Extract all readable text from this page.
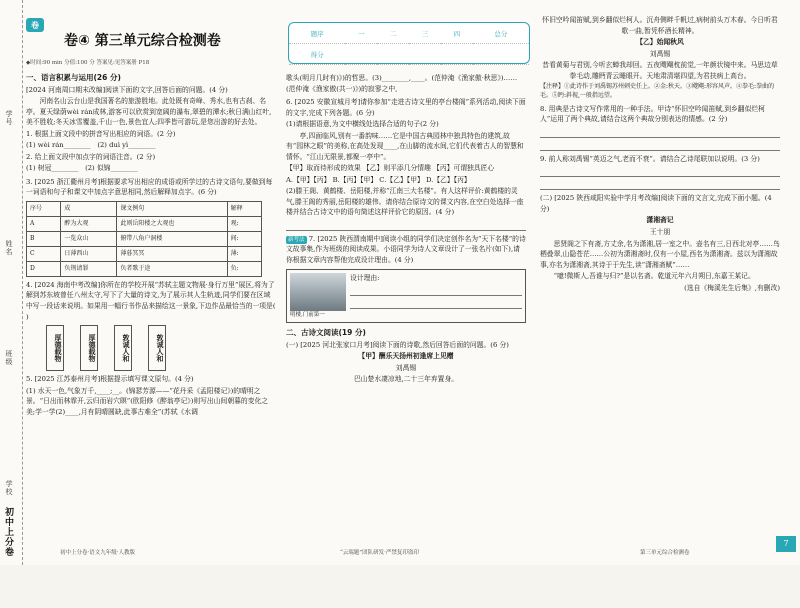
学号
姓名
班级
学校
初中上分卷
卷
卷④ 第三单元综合检测卷	题序	一	二	三	四	总分
得分					
◆时间:90 min 分值:100 分 答案见:见答案册 P18
一、语言积累与运用(26 分)

[2024 河南周口期末改编]阅读下面的文字,回答后面的问题。(4 分)

河南名山云台山是我国著名的旅游胜地。此处既有奇峰、秀水,也有古刹、名亭。夏天绿荫wèi rán成林,游客可以欣赏到宽阔的瀑布,翠碧的潭水;秋日满山红叶,美不胜收;冬天冰雪覆盖,千山一色,景色宜人;四季皆可游玩,是您出游的好去处。

1. 根据上面文段中的拼音写出相应的词语。(2 分)

(1) wèi rán________ (2) duì yì________

2. 给上面文段中加点字的词语注音。(2 分)

(1) 树冠________ (2) 似锦________

3. [2025 浙江衢州月考]根据要求写出相应的成语或所学过的古诗文语句,要做到每一词语和句子和课文中加点字意思相同,然后解释加点字。(6 分)

序号	成	课文例句	解释
A	醉为大观	此则岳阳楼之大观也	观:
B	一览众山	俯带八角户洞楼	间:
C	日薄西山	薄暮冥冥	薄:
D	负荆请罪	负者歌于途	负:

4. [2024 海南中考改编]你所在的学校开展“苏轼主题文物展·身行万里”展区,将为了解到苏东坡曾任八州太守,写下了大量的诗文,为了展示其人生轨迹,同学们要在区域中写一段话来说明。如果用一幅行书作品来描绘这一景象,下边作品最恰当的一项是( )

厚德载物	厚德载物	敦诚人和	敦诚人和

5. [2025 江苏泰州月考]根据提示填写课文原句。(4 分)

(1) 水天一色,气象万千,____;__。(锦瑟芳源——“花丹采《孟阳楼记》)的晴明之景。“日出而林霏开,云归而岩穴暝”(欧阳修《醉翁亭记》)则写出山间朝暮的变化之美;学一学(2)____,月有阴晴圆缺,此事古难全”(苏轼《水调

歌头(明月几时有)》)的哲思。(3)________,____。(范仲淹《渔家傲·秋思》)……(范仲淹《渔家傲(共一)》)的寂寥之中,

6. [2025 安徽宣城月考]请你参加“走进古诗文里的亭台楼阁”系列活动,阅读下面的文字,完成下列各题。(6 分)

(1)请根据语意,为文中横线处选择合适的句子(2 分)

亭,四面临风,别有一番韵味……它是中国古典园林中独具特色的建筑,故有“园林之眼”的美称,在高处发现____,在山脚的流水间,它们代表着古人的智慧和情怀。“江山无限景,都聚一亭中”。

【甲】取而待形成的效果 【乙】则平添几分情趣 【丙】可谓独具匠心

A.【甲】【丙】 B.【丙】【甲】 C.【乙】【甲】 D.【乙】【丙】

(2)滕王阁、黄鹤楼、岳阳楼,并称“江南三大名楼”。有人这样评价:黄鹤楼的灵气,滕王阁的秀丽,岳阳楼的雄伟。请你结合原诗文的课文内容,在空白处选择一座楼并结合古诗文中的语句简述这样评价它的原因。(4 分)

新考法 7. [2025 陕西渭南期中]阅读小组的同学们决定创作名为“天下名楼”的诗文故事集,作为班级的阅读成果。小语同学为诗人文章设计了一张名片(如下),请你根据文章内容帮他完成设计理由。(4 分)

明楼,门前第一
设计理由:
二、古诗文阅读(19 分)

(一) [2025 河北张家口月考]阅读下面的诗歌,然后回答后面的问题。(6 分)

【甲】酬乐天扬州初逢席上见赠

刘禹锡

巴山楚水凄凉地,二十三年弃置身。

怀旧空吟闻笛赋,到乡翻似烂柯人。沉舟侧畔千帆过,病树前头万木春。今日听君歌一曲,暂凭杯酒长精神。

【乙】始闻秋风

刘禹锡

昔看黄菊与君别,今听玄蝉我却回。五夜飕飗枕前觉,一年颜状镜中来。马思边草拳毛动,雕眄青云睡眼开。天地肃清堪四望,为君扶病上高台。

【注释】①此诗作于刘禹锡苏州刺史任上。②金:秋天。③飕飗:形容风声。④拳毛:拳曲的毛。⑤眄:斜视,一般指远望。

8. 用典是古诗文写作常用的一种手法。甲诗“怀旧空吟闻笛赋,到乡翻似烂柯人”运用了两个典故,请结合这两个典故分别表达的情感。(2 分)

9. 前人称刘禹锡“英迈之气,老而不衰”。请结合乙诗尾联加以说明。(3 分)

(二) [2025 陕西咸阳实验中学月考改编]阅读下面的文言文,完成下面小题。(4 分)

潇湘斋记

王十朋

思贤阁之下有斋,方丈余,名为潇湘,居一室之中。壶名有三,日西北对亭……鸟栖叠翠,山隐苍茫……公初为潇湘斋时,仅有一小屋,西名为潇湘斋。兹以为潇湘故事,亦名为潇湘斋,其诗于于先生,读“潇湘斋赋”……

“噫!微斯人,吾谁与归?”是以名斋。乾道元年六月朔日,东嘉王某记。

(选自《梅溪先生后集》,有删改)

初中上分卷·语文九年级·人教版	“云端题”团队研发·严禁复印盗印	第三单元综合检测卷
7
